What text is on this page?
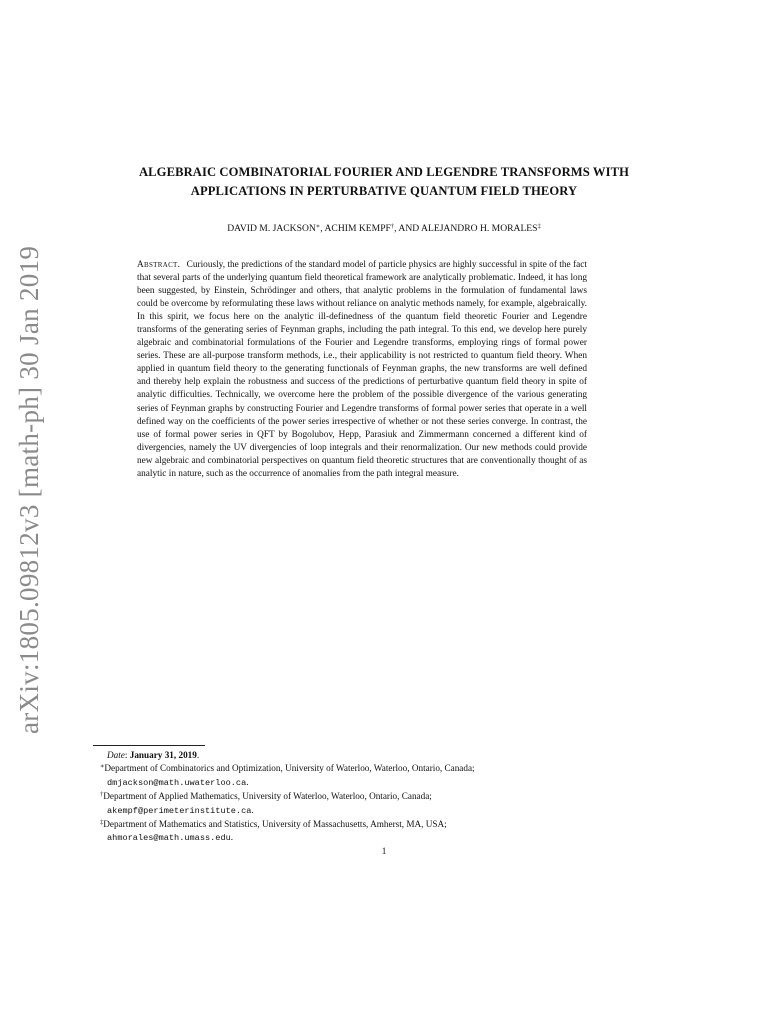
arXiv:1805.09812v3 [math-ph] 30 Jan 2019
ALGEBRAIC COMBINATORIAL FOURIER AND LEGENDRE TRANSFORMS WITH
APPLICATIONS IN PERTURBATIVE QUANTUM FIELD THEORY
DAVID M. JACKSON∗, ACHIM KEMPF†, AND ALEJANDRO H. MORALES‡
Abstract. Curiously, the predictions of the standard model of particle physics are highly successful in spite of the fact that several parts of the underlying quantum field theoretical framework are analytically problematic. Indeed, it has long been suggested, by Einstein, Schrödinger and others, that analytic problems in the formulation of fundamental laws could be overcome by reformulating these laws without reliance on analytic methods namely, for example, algebraically. In this spirit, we focus here on the analytic ill-definedness of the quantum field theoretic Fourier and Legendre transforms of the generating series of Feynman graphs, including the path integral. To this end, we develop here purely algebraic and combinatorial formulations of the Fourier and Legendre transforms, employing rings of formal power series. These are all-purpose transform methods, i.e., their applicability is not restricted to quantum field theory. When applied in quantum field theory to the generating functionals of Feynman graphs, the new transforms are well defined and thereby help explain the robustness and success of the predictions of perturbative quantum field theory in spite of analytic difficulties. Technically, we overcome here the problem of the possible divergence of the various generating series of Feynman graphs by constructing Fourier and Legendre transforms of formal power series that operate in a well defined way on the coefficients of the power series irrespective of whether or not these series converge. In contrast, the use of formal power series in QFT by Bogolubov, Hepp, Parasiuk and Zimmermann concerned a different kind of divergencies, namely the UV divergencies of loop integrals and their renormalization. Our new methods could provide new algebraic and combinatorial perspectives on quantum field theoretic structures that are conventionally thought of as analytic in nature, such as the occurrence of anomalies from the path integral measure.
Date: January 31, 2019.
∗Department of Combinatorics and Optimization, University of Waterloo, Waterloo, Ontario, Canada;
dmjackson@math.uwaterloo.ca.
†Department of Applied Mathematics, University of Waterloo, Waterloo, Ontario, Canada;
akempf@perimeterinstitute.ca.
‡Department of Mathematics and Statistics, University of Massachusetts, Amherst, MA, USA;
ahmorales@math.umass.edu.
1
